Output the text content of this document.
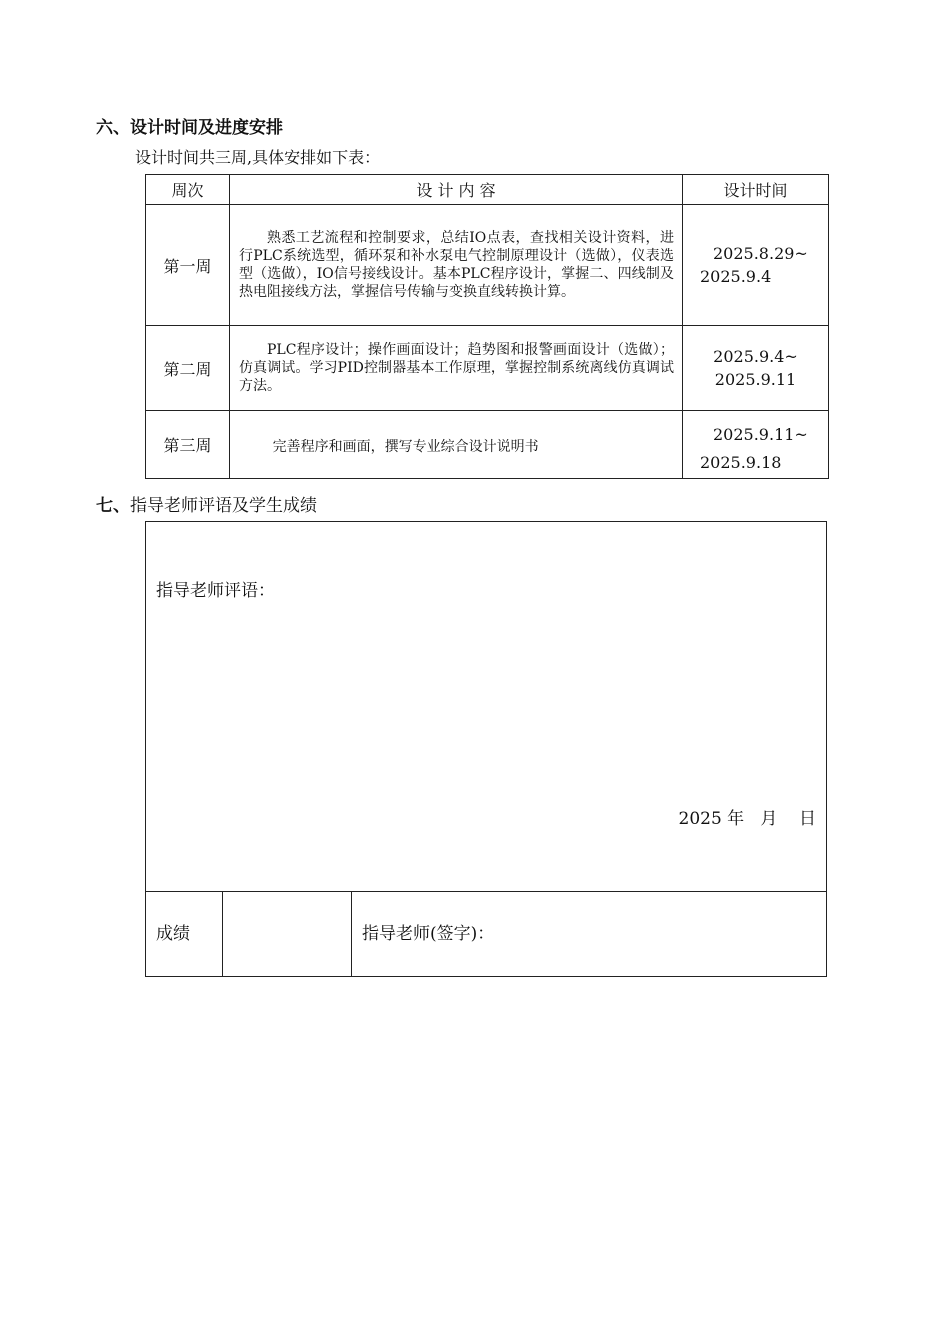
六、设计时间及进度安排
设计时间共三周,具体安排如下表：
周次	设 计 内 容	设计时间
第一周	熟悉工艺流程和控制要求，总结IO点表，查找相关设计资料，进行PLC系统选型，循环泵和补水泵电气控制原理设计（选做），仪表选型（选做），IO信号接线设计。基本PLC程序设计，掌握二、四线制及热电阻接线方法，掌握信号传输与变换直线转换计算。	2025.8.29~
2025.9.4

第二周	PLC程序设计；操作画面设计；趋势图和报警画面设计（选做）；仿真调试。学习PID控制器基本工作原理，掌握控制系统离线仿真调试方法。	2025.9.4~
2025.9.11

第三周	完善程序和画面，撰写专业综合设计说明书	2025.9.11~
2025.9.18
七、指导老师评语及学生成绩
指导老师评语：
2025 年   月    日
成绩	指导老师(签字)：
